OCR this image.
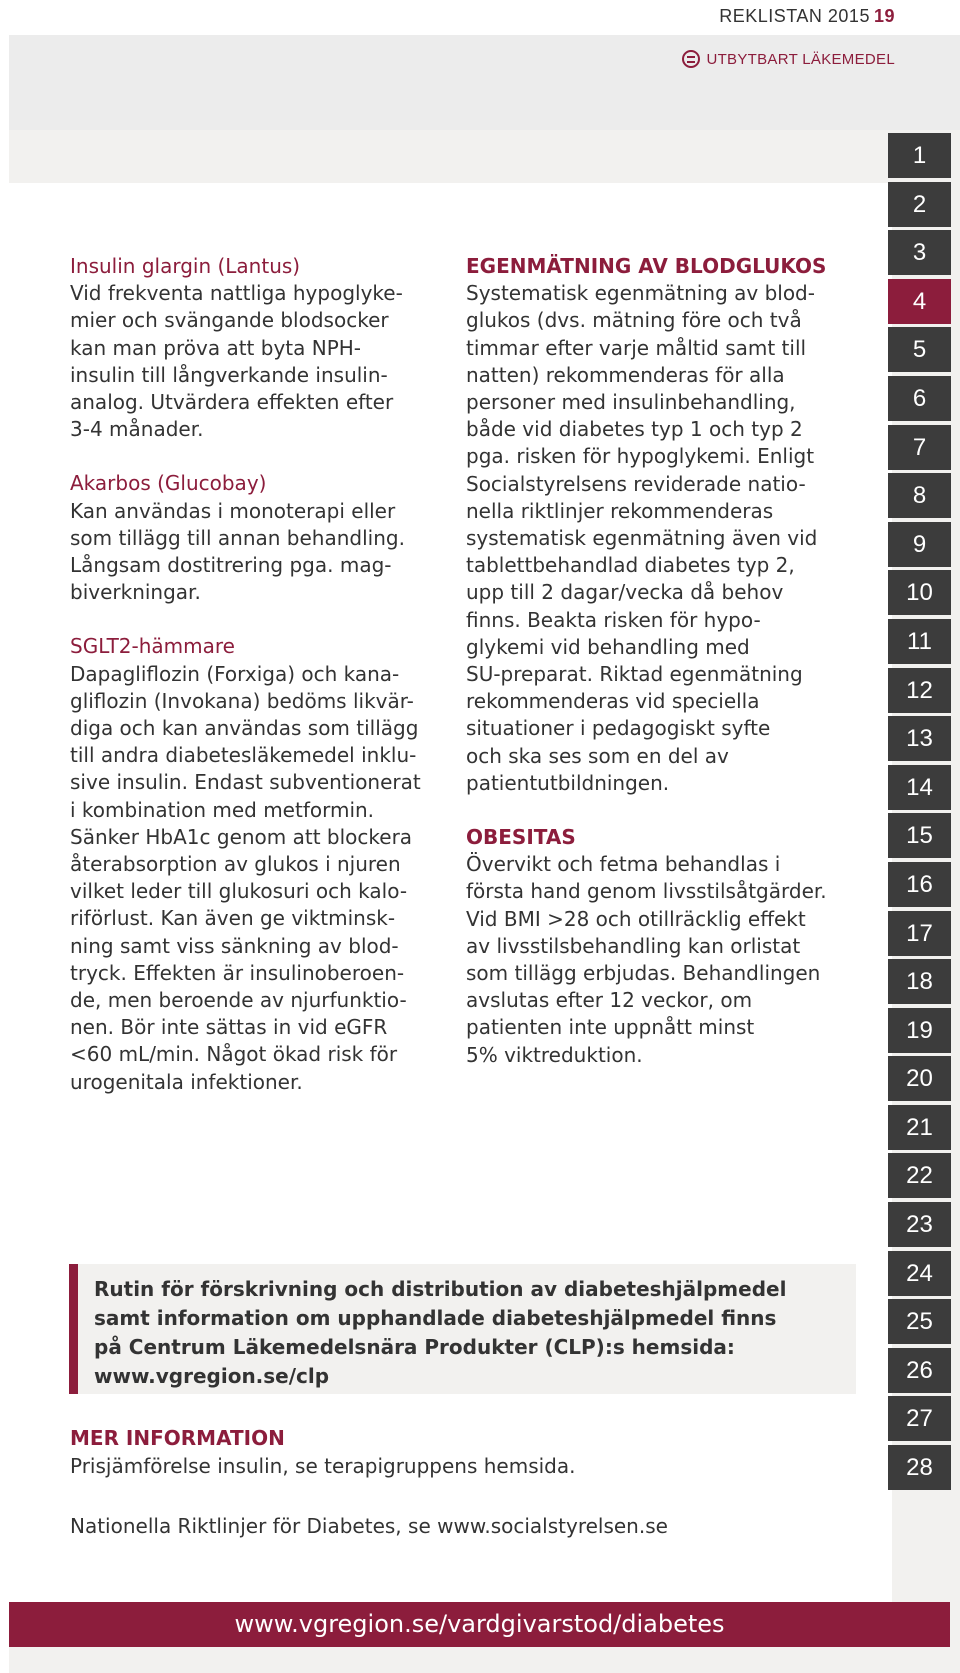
REKLISTAN 2015 19
UTBYTBART LÄKEMEDEL

Insulin glargin (Lantus)

Vid frekventa nattliga hypoglyke-

mier och svängande blodsocker

kan man pröva att byta NPH-

insulin till långverkande insulin-

analog. Utvärdera effekten efter

3-4 månader.

Akarbos (Glucobay)

Kan användas i monoterapi eller

som tillägg till annan behandling.

Långsam dostitrering pga. mag-

biverkningar.

SGLT2-hämmare

Dapagliflozin (Forxiga) och kana-

gliflozin (Invokana) bedöms likvär-

diga och kan användas som tillägg

till andra diabetesläkemedel inklu-

sive insulin. Endast subventionerat

i kombination med metformin.

Sänker HbA1c genom att blockera

återabsorption av glukos i njuren

vilket leder till glukosuri och kalo-

riförlust. Kan även ge viktminsk-

ning samt viss sänkning av blod-

tryck. Effekten är insulinoberoen-

de, men beroende av njurfunktio-

nen. Bör inte sättas in vid eGFR

<60 mL/min. Något ökad risk för

urogenitala infektioner.

EGENMÄTNING AV BLODGLUKOS

Systematisk egenmätning av blod-

glukos (dvs. mätning före och två

timmar efter varje måltid samt till

natten) rekommenderas för alla

personer med insulinbehandling,

både vid diabetes typ 1 och typ 2

pga. risken för hypoglykemi. Enligt

Socialstyrelsens reviderade natio-

nella riktlinjer rekommenderas

systematisk egenmätning även vid

tablettbehandlad diabetes typ 2,

upp till 2 dagar/vecka då behov

finns. Beakta risken för hypo-

glykemi vid behandling med

SU-preparat. Riktad egenmätning

rekommenderas vid speciella

situationer i pedagogiskt syfte

och ska ses som en del av

patientutbildningen.

OBESITAS

Övervikt och fetma behandlas i

första hand genom livsstilsåtgärder.

Vid BMI >28 och otillräcklig effekt

av livsstilsbehandling kan orlistat

som tillägg erbjudas. Behandlingen

avslutas efter 12 veckor, om

patienten inte uppnått minst

5% viktreduktion.

Rutin för förskrivning och distribution av diabeteshjälpmedel
samt information om upphandlade diabeteshjälpmedel finns
på Centrum Läkemedelsnära Produkter (CLP):s hemsida:
www.vgregion.se/clp
MER INFORMATION
Prisjämförelse insulin, se terapigruppens hemsida.
Nationella Riktlinjer för Diabetes, se www.socialstyrelsen.se
www.vgregion.se/vardgivarstod/diabetes
1
2
3
4
5
6
7
8
9
10
11
12
13
14
15
16
17
18
19
20
21
22
23
24
25
26
27
28
